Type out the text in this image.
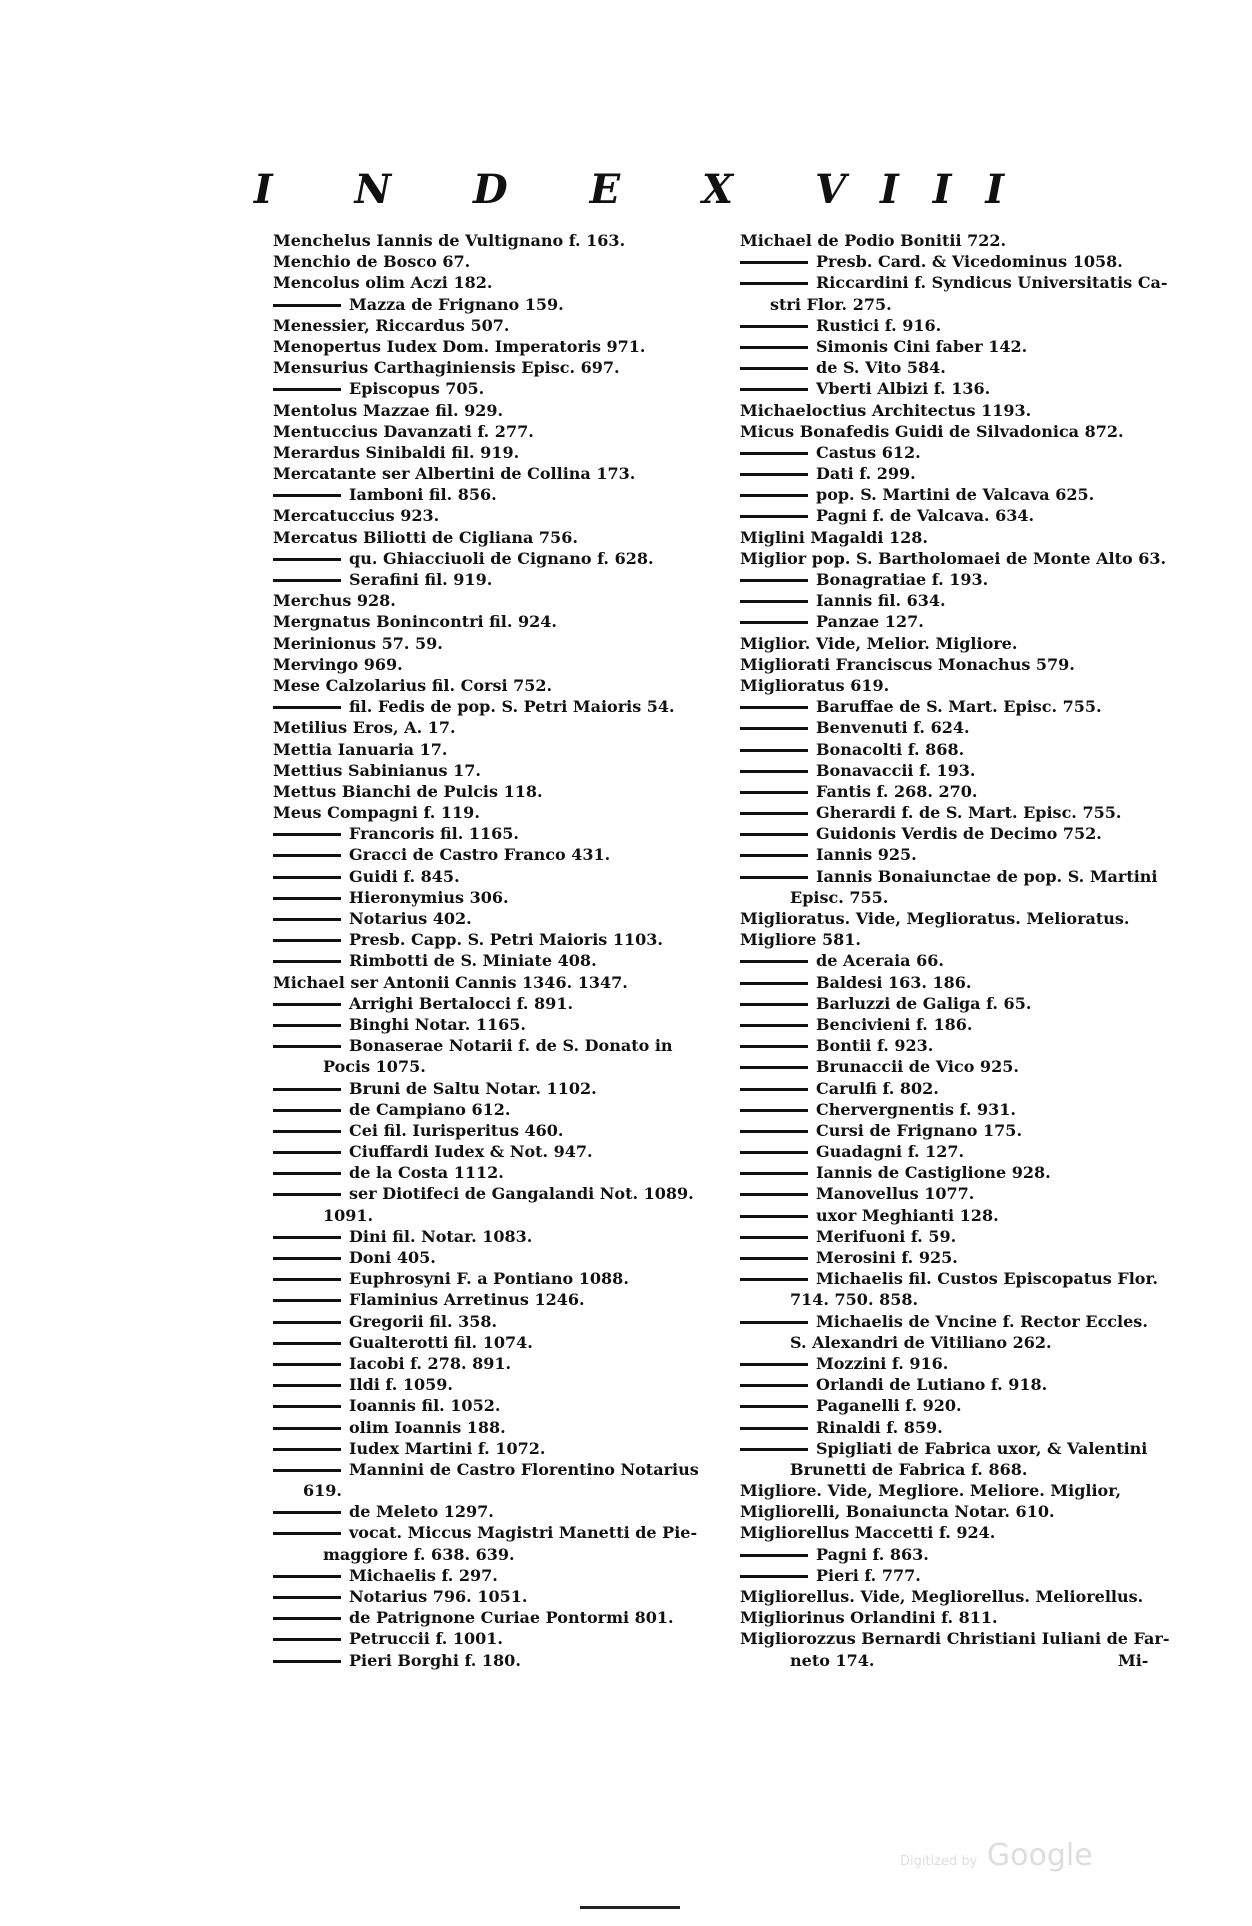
I N D E X VIII
Menchelus Iannis de Vultignano f. 163.
Menchio de Bosco 67.
Mencolus olim Aczi 182.
Mazza de Frignano 159.
Menessier, Riccardus 507.
Menopertus Iudex Dom. Imperatoris 971.
Mensurius Carthaginiensis Episc. 697.
Episcopus 705.
Mentolus Mazzae fil. 929.
Mentuccius Davanzati f. 277.
Merardus Sinibaldi fil. 919.
Mercatante ser Albertini de Collina 173.
Iamboni fil. 856.
Mercatuccius 923.
Mercatus Biliotti de Cigliana 756.
qu. Ghiacciuoli de Cignano f. 628.
Serafini fil. 919.
Merchus 928.
Mergnatus Bonincontri fil. 924.
Merinionus 57. 59.
Mervingo 969.
Mese Calzolarius fil. Corsi 752.
fil. Fedis de pop. S. Petri Maioris 54.
Metilius Eros, A. 17.
Mettia Ianuaria 17.
Mettius Sabinianus 17.
Mettus Bianchi de Pulcis 118.
Meus Compagni f. 119.
Francoris fil. 1165.
Gracci de Castro Franco 431.
Guidi f. 845.
Hieronymius 306.
Notarius 402.
Presb. Capp. S. Petri Maioris 1103.
Rimbotti de S. Miniate 408.
Michael ser Antonii Cannis 1346. 1347.
Arrighi Bertalocci f. 891.
Binghi Notar. 1165.
Bonaserae Notarii f. de S. Donato in
Pocis 1075.
Bruni de Saltu Notar. 1102.
de Campiano 612.
Cei fil. Iurisperitus 460.
Ciuffardi Iudex & Not. 947.
de la Costa 1112.
ser Diotifeci de Gangalandi Not. 1089.
1091.
Dini fil. Notar. 1083.
Doni 405.
Euphrosyni F. a Pontiano 1088.
Flaminius Arretinus 1246.
Gregorii fil. 358.
Gualterotti fil. 1074.
Iacobi f. 278. 891.
Ildi f. 1059.
Ioannis fil. 1052.
olim Ioannis 188.
Iudex Martini f. 1072.
Mannini de Castro Florentino Notarius
619.
de Meleto 1297.
vocat. Miccus Magistri Manetti de Pie-
maggiore f. 638. 639.
Michaelis f. 297.
Notarius 796. 1051.
de Patrignone Curiae Pontormi 801.
Petruccii f. 1001.
Pieri Borghi f. 180.
Michael de Podio Bonitii 722.
Presb. Card. & Vicedominus 1058.
Riccardini f. Syndicus Universitatis Ca-
stri Flor. 275.
Rustici f. 916.
Simonis Cini faber 142.
de S. Vito 584.
Vberti Albizi f. 136.
Michaeloctius Architectus 1193.
Micus Bonafedis Guidi de Silvadonica 872.
Castus 612.
Dati f. 299.
pop. S. Martini de Valcava 625.
Pagni f. de Valcava. 634.
Miglini Magaldi 128.
Miglior pop. S. Bartholomaei de Monte Alto 63.
Bonagratiae f. 193.
Iannis fil. 634.
Panzae 127.
Miglior. Vide, Melior. Migliore.
Migliorati Franciscus Monachus 579.
Miglioratus 619.
Baruffae de S. Mart. Episc. 755.
Benvenuti f. 624.
Bonacolti f. 868.
Bonavaccii f. 193.
Fantis f. 268. 270.
Gherardi f. de S. Mart. Episc. 755.
Guidonis Verdis de Decimo 752.
Iannis 925.
Iannis Bonaiunctae de pop. S. Martini
Episc. 755.
Miglioratus. Vide, Meglioratus. Melioratus.
Migliore 581.
de Aceraia 66.
Baldesi 163. 186.
Barluzzi de Galiga f. 65.
Bencivieni f. 186.
Bontii f. 923.
Brunaccii de Vico 925.
Carulfi f. 802.
Chervergnentis f. 931.
Cursi de Frignano 175.
Guadagni f. 127.
Iannis de Castiglione 928.
Manovellus 1077.
uxor Meghianti 128.
Merifuoni f. 59.
Merosini f. 925.
Michaelis fil. Custos Episcopatus Flor.
714. 750. 858.
Michaelis de Vncine f. Rector Eccles.
S. Alexandri de Vitiliano 262.
Mozzini f. 916.
Orlandi de Lutiano f. 918.
Paganelli f. 920.
Rinaldi f. 859.
Spigliati de Fabrica uxor, & Valentini
Brunetti de Fabrica f. 868.
Migliore. Vide, Megliore. Meliore. Miglior,
Migliorelli, Bonaiuncta Notar. 610.
Migliorellus Maccetti f. 924.
Pagni f. 863.
Pieri f. 777.
Migliorellus. Vide, Megliorellus. Meliorellus.
Migliorinus Orlandini f. 811.
Migliorozzus Bernardi Christiani Iuliani de Far-
neto 174.	Mi-
Digitized by Google
